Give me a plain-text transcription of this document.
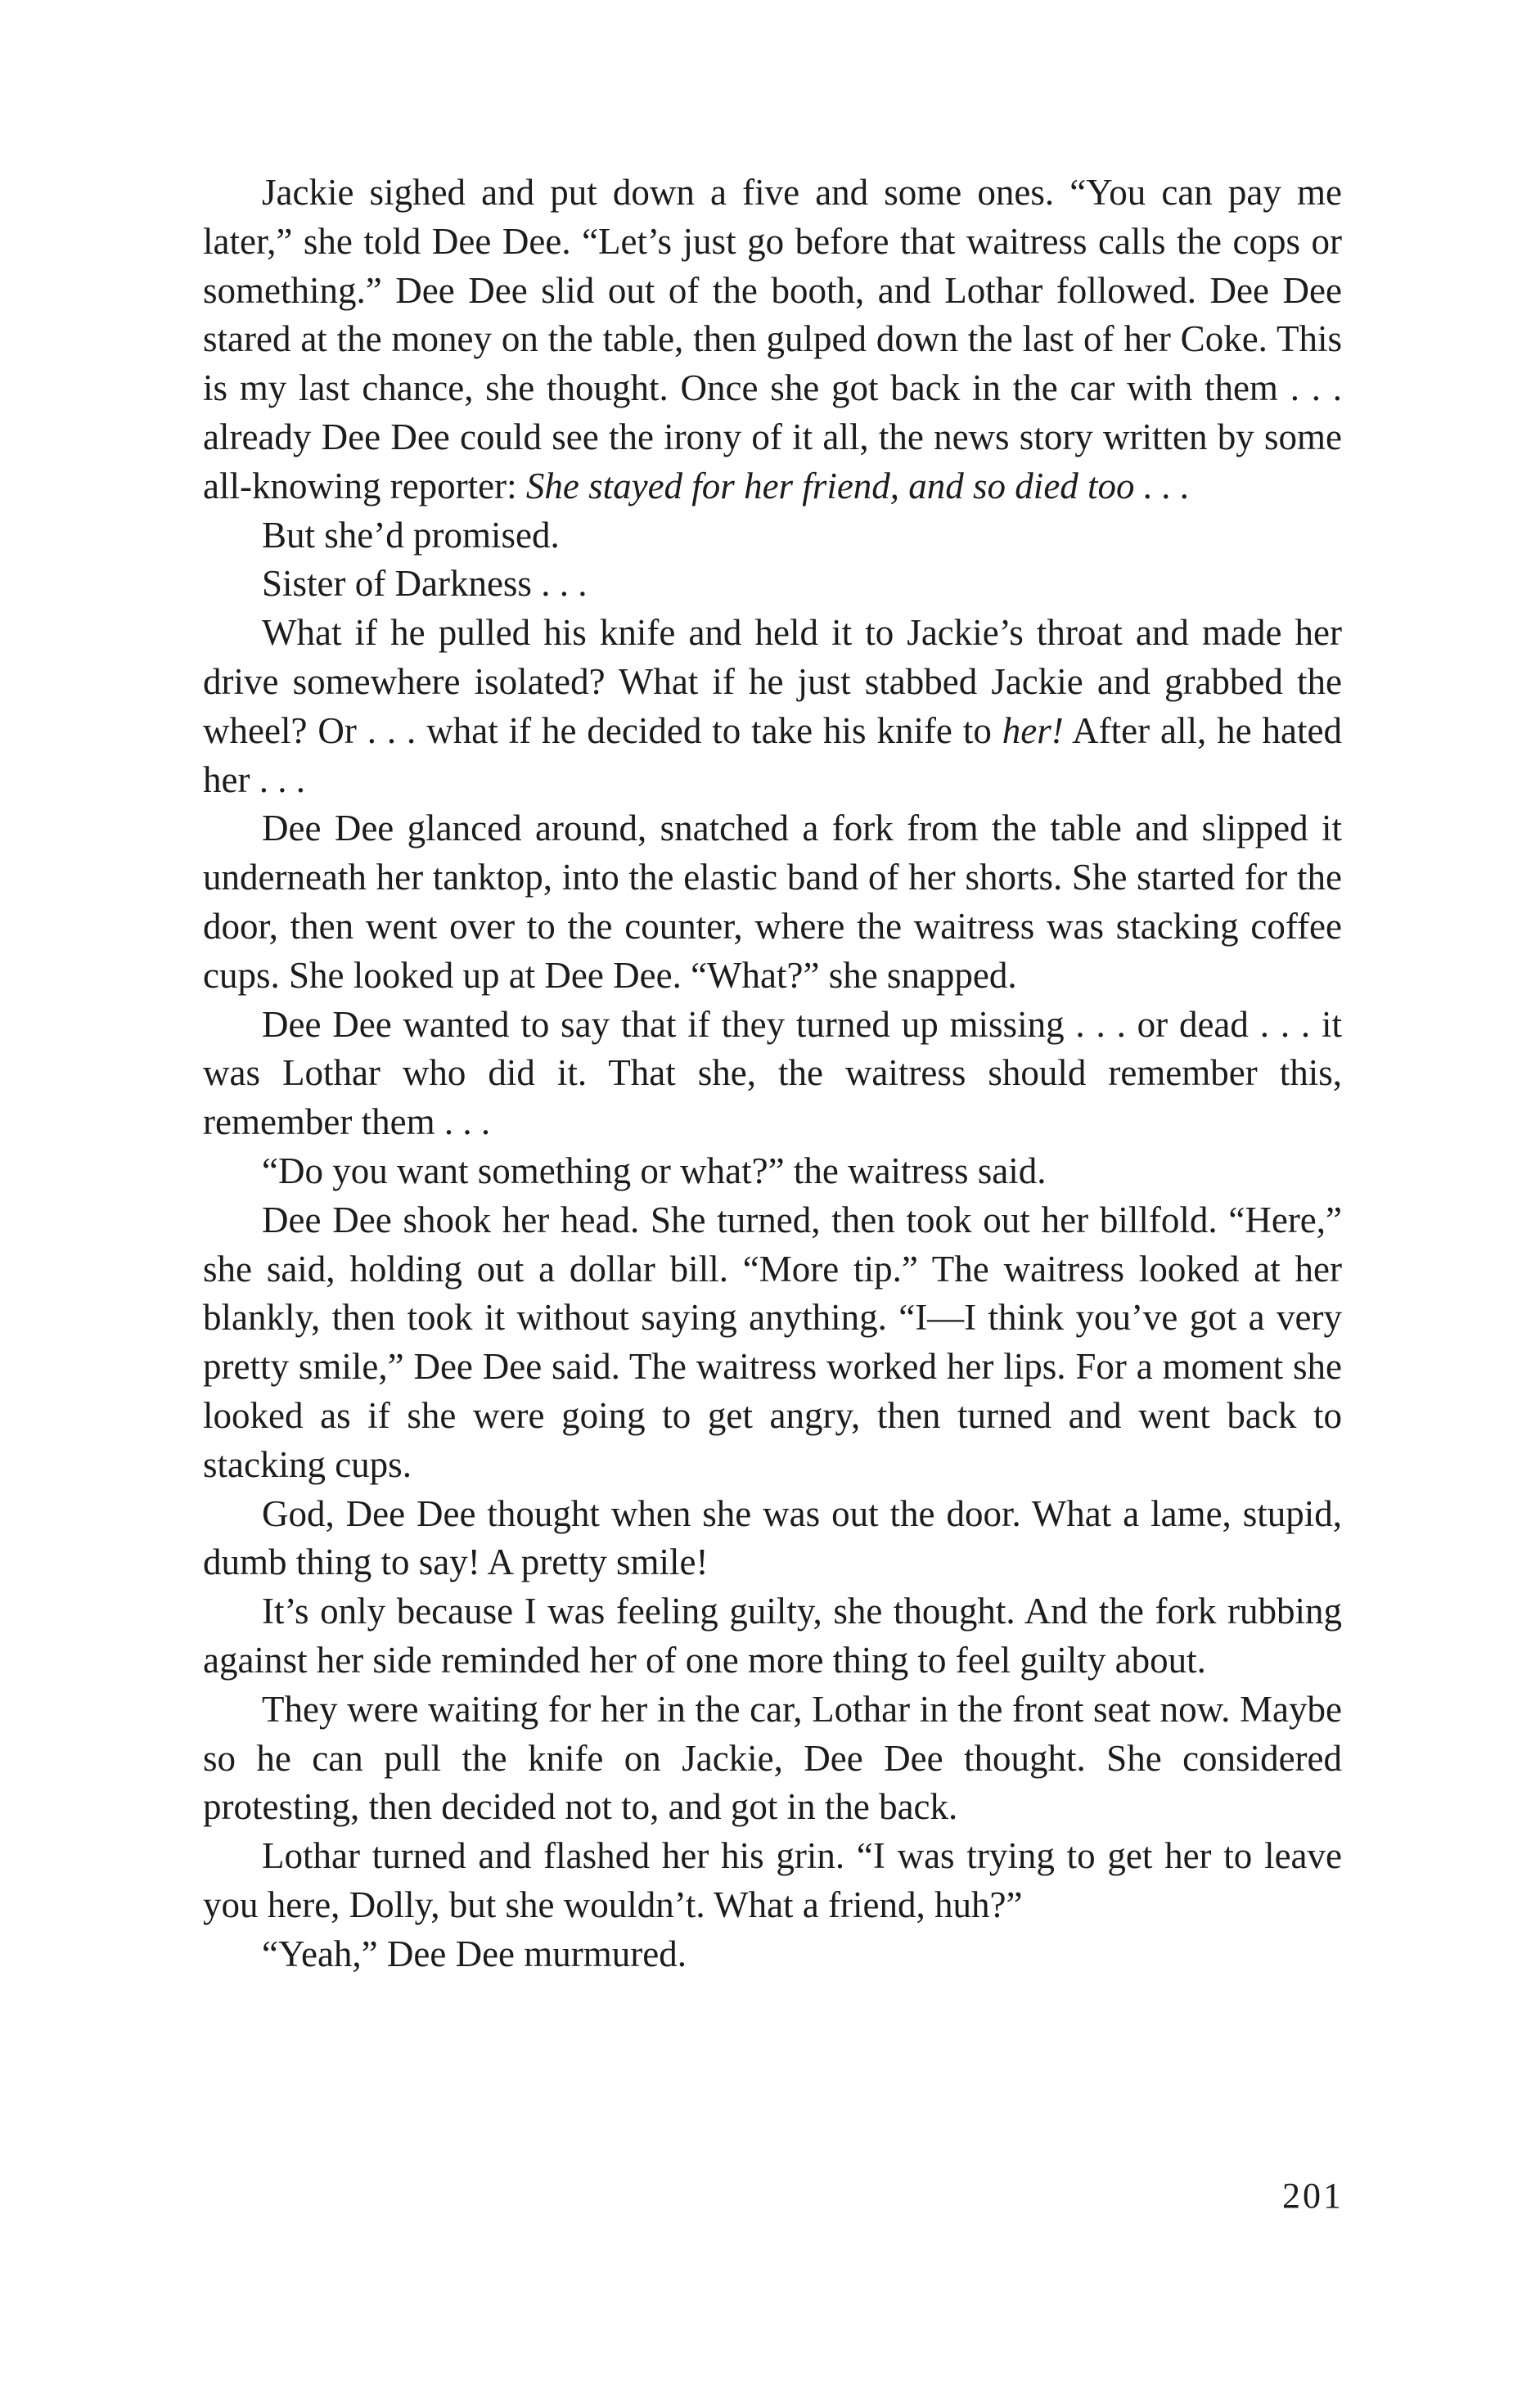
Jackie sighed and put down a five and some ones. “You can pay me later,” she told Dee Dee. “Let’s just go before that waitress calls the cops or something.” Dee Dee slid out of the booth, and Lothar followed. Dee Dee stared at the money on the table, then gulped down the last of her Coke. This is my last chance, she thought. Once she got back in the car with them . . . already Dee Dee could see the irony of it all, the news story written by some all-knowing reporter: She stayed for her friend, and so died too . . .

But she’d promised.

Sister of Darkness . . .

What if he pulled his knife and held it to Jackie’s throat and made her drive somewhere isolated? What if he just stabbed Jackie and grabbed the wheel? Or . . . what if he decided to take his knife to her! After all, he hated her . . .

Dee Dee glanced around, snatched a fork from the table and slipped it underneath her tanktop, into the elastic band of her shorts. She started for the door, then went over to the counter, where the waitress was stacking coffee cups. She looked up at Dee Dee. “What?” she snapped.

Dee Dee wanted to say that if they turned up missing . . . or dead . . . it was Lothar who did it. That she, the waitress should remember this, remember them . . .

“Do you want something or what?” the waitress said.

Dee Dee shook her head. She turned, then took out her billfold. “Here,” she said, holding out a dollar bill. “More tip.” The waitress looked at her blankly, then took it without saying anything. “I—I think you’ve got a very pretty smile,” Dee Dee said. The waitress worked her lips. For a moment she looked as if she were going to get angry, then turned and went back to stacking cups.

God, Dee Dee thought when she was out the door. What a lame, stupid, dumb thing to say! A pretty smile!

It’s only because I was feeling guilty, she thought. And the fork rubbing against her side reminded her of one more thing to feel guilty about.

They were waiting for her in the car, Lothar in the front seat now. Maybe so he can pull the knife on Jackie, Dee Dee thought. She considered protesting, then decided not to, and got in the back.

Lothar turned and flashed her his grin. “I was trying to get her to leave you here, Dolly, but she wouldn’t. What a friend, huh?”

“Yeah,” Dee Dee murmured.

201
